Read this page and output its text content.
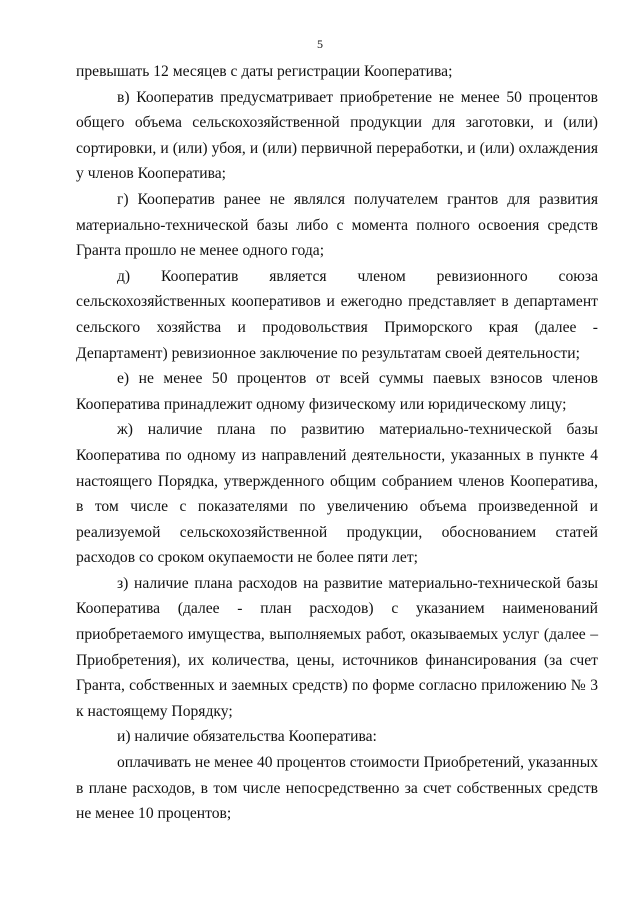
5

превышать 12 месяцев с даты регистрации Кооператива;

в) Кооператив предусматривает приобретение не менее 50 процентов общего объема сельскохозяйственной продукции для заготовки, и (или) сортировки, и (или) убоя, и (или) первичной переработки, и (или) охлаждения у членов Кооператива;

г) Кооператив ранее не являлся получателем грантов для развития материально-технической базы либо с момента полного освоения средств Гранта прошло не менее одного года;

д) Кооператив является членом ревизионного союза сельскохозяйственных кооперативов и ежегодно представляет в департамент сельского хозяйства и продовольствия Приморского края (далее - Департамент) ревизионное заключение по результатам своей деятельности;

е) не менее 50 процентов от всей суммы паевых взносов членов Кооператива принадлежит одному физическому или юридическому лицу;

ж) наличие плана по развитию материально-технической базы Кооператива по одному из направлений деятельности, указанных в пункте 4 настоящего Порядка, утвержденного общим собранием членов Кооператива, в том числе с показателями по увеличению объема произведенной и реализуемой сельскохозяйственной продукции, обоснованием статей расходов со сроком окупаемости не более пяти лет;

з) наличие плана расходов на развитие материально-технической базы Кооператива (далее - план расходов) с указанием наименований приобретаемого имущества, выполняемых работ, оказываемых услуг (далее – Приобретения), их количества, цены, источников финансирования (за счет Гранта, собственных и заемных средств) по форме согласно приложению № 3 к настоящему Порядку;

и) наличие обязательства Кооператива:

оплачивать не менее 40 процентов стоимости Приобретений, указанных в плане расходов, в том числе непосредственно за счет собственных средств не менее 10 процентов;
